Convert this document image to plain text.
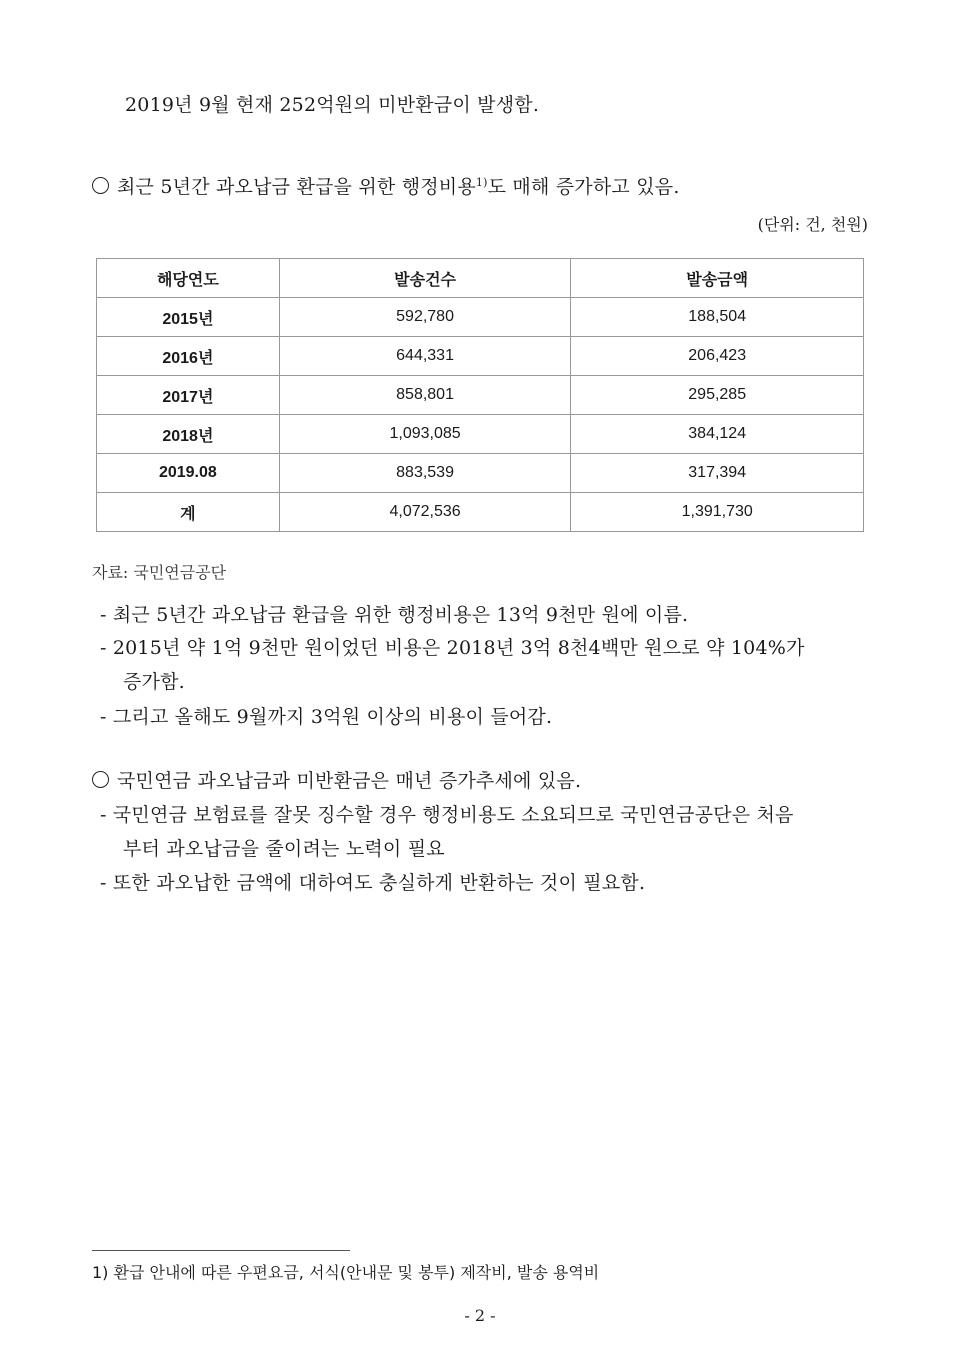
2019년 9월 현재 252억원의 미반환금이 발생함.
최근 5년간 과오납금 환급을 위한 행정비용$^{1)}$도 매해 증가하고 있음.
(단위: 건, 천원)
해당연도	발송건수	발송금액
2015년	592,780	188,504
2016년	644,331	206,423
2017년	858,801	295,285
2018년	1,093,085	384,124
2019.08	883,539	317,394
계	4,072,536	1,391,730
자료: 국민연금공단
- 최근 5년간 과오납금 환급을 위한 행정비용은 13억 9천만 원에 이름.
- 2015년 약 1억 9천만 원이었던 비용은 2018년 3억 8천4백만 원으로 약 104%가
증가함.
- 그리고 올해도 9월까지 3억원 이상의 비용이 들어감.
국민연금 과오납금과 미반환금은 매년 증가추세에 있음.
- 국민연금 보험료를 잘못 징수할 경우 행정비용도 소요되므로 국민연금공단은 처음
부터 과오납금을 줄이려는 노력이 필요
- 또한 과오납한 금액에 대하여도 충실하게 반환하는 것이 필요함.
1) 환급 안내에 따른 우편요금, 서식(안내문 및 봉투) 제작비, 발송 용역비
- 2 -
